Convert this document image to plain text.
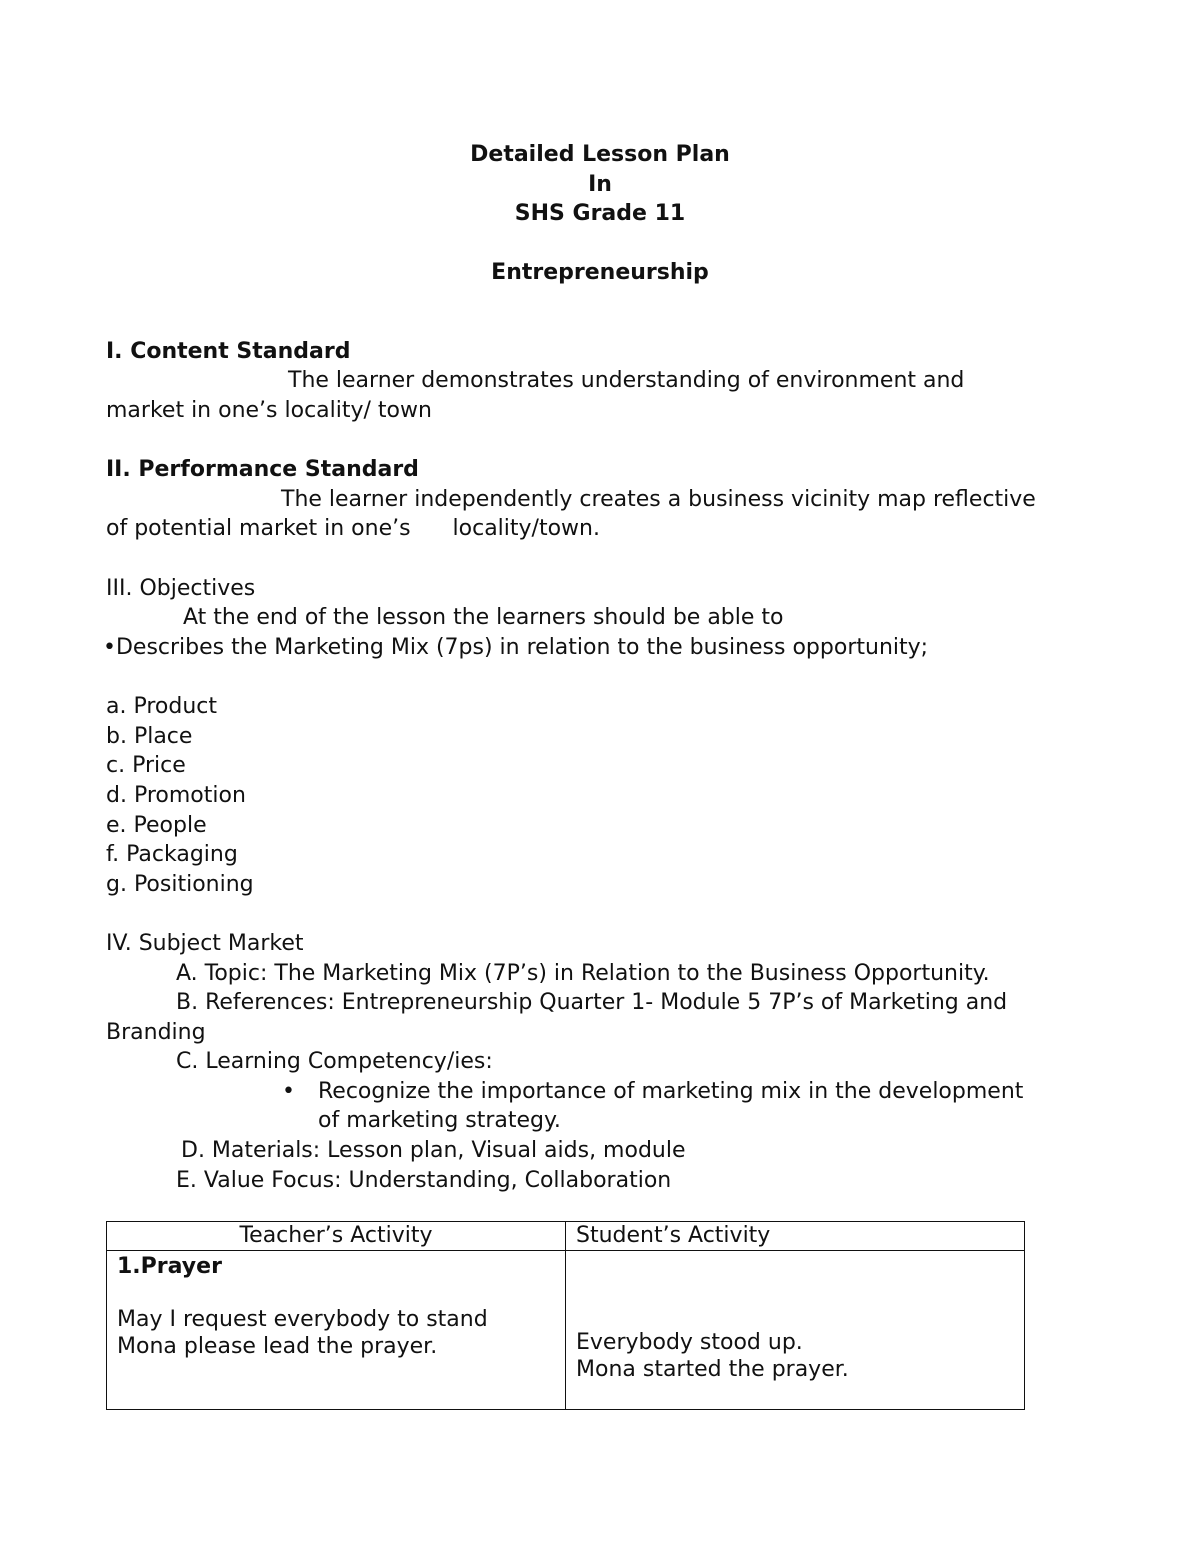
Detailed Lesson Plan
In
SHS Grade 11
Entrepreneurship
I. Content Standard
The learner demonstrates understanding of environment and
market in one’s locality/ town
II. Performance Standard
The learner independently creates a business vicinity map reflective
of potential market in one’s      locality/town.
III. Objectives
At the end of the lesson the learners should be able to
•Describes the Marketing Mix (7ps) in relation to the business opportunity;
a. Product
b. Place
c. Price
d. Promotion
e. People
f. Packaging
g. Positioning
IV. Subject Market
A. Topic: The Marketing Mix (7P’s) in Relation to the Business Opportunity.
B. References: Entrepreneurship Quarter 1- Module 5 7P’s of Marketing and
Branding
C. Learning Competency/ies:
• Recognize the importance of marketing mix in the development
of marketing strategy.
D. Materials: Lesson plan, Visual aids, module
E. Value Focus: Understanding, Collaboration
Teacher’s Activity	Student’s Activity

1.Prayer
May I request everybody to stand
Mona please lead the prayer.	Everybody stood up.
Mona started the prayer.
